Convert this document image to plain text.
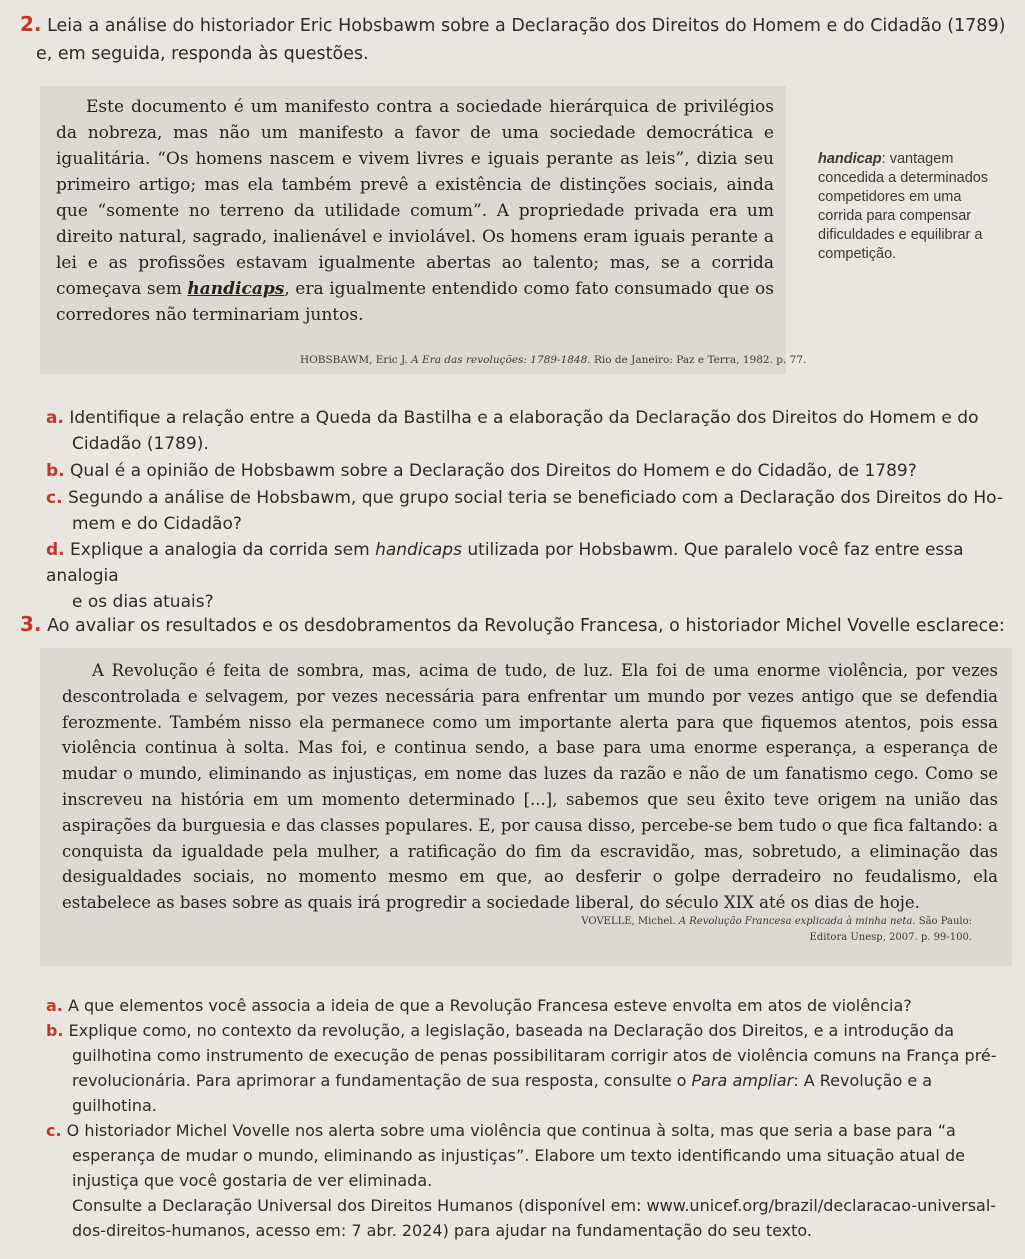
2. Leia a análise do historiador Eric Hobsbawm sobre a Declaração dos Direitos do Homem e do Cidadão (1789) e, em seguida, responda às questões.
Este documento é um manifesto contra a sociedade hierárquica de privilégios da nobreza, mas não um manifesto a favor de uma sociedade democrática e igualitária. “Os homens nascem e vivem livres e iguais perante as leis”, dizia seu primeiro artigo; mas ela também prevê a existência de distinções sociais, ainda que “somente no terreno da utilidade comum”. A propriedade privada era um direito natural, sagrado, inalienável e inviolável. Os homens eram iguais perante a lei e as profissões estavam igualmente abertas ao talento; mas, se a corrida começava sem handicaps, era igualmente entendido como fato consumado que os corredores não terminariam juntos.
HOBSBAWM, Eric J. A Era das revoluções: 1789-1848. Rio de Janeiro: Paz e Terra, 1982. p. 77.
handicap: vantagem concedida a determinados competidores em uma corrida para compensar dificuldades e equilibrar a competição.
a. Identifique a relação entre a Queda da Bastilha e a elaboração da Declaração dos Direitos do Homem e do
Cidadão (1789).
b. Qual é a opinião de Hobsbawm sobre a Declaração dos Direitos do Homem e do Cidadão, de 1789?
c. Segundo a análise de Hobsbawm, que grupo social teria se beneficiado com a Declaração dos Direitos do Ho-
mem e do Cidadão?
d. Explique a analogia da corrida sem handicaps utilizada por Hobsbawm. Que paralelo você faz entre essa analogia
e os dias atuais?
3. Ao avaliar os resultados e os desdobramentos da Revolução Francesa, o historiador Michel Vovelle esclarece:
A Revolução é feita de sombra, mas, acima de tudo, de luz. Ela foi de uma enorme violência, por vezes descontrolada e selvagem, por vezes necessária para enfrentar um mundo por vezes antigo que se defendia ferozmente. Também nisso ela permanece como um importante alerta para que fiquemos atentos, pois essa violência continua à solta. Mas foi, e continua sendo, a base para uma enorme esperança, a esperança de mudar o mundo, eliminando as injustiças, em nome das luzes da razão e não de um fanatismo cego. Como se inscreveu na história em um momento determinado [...], sabemos que seu êxito teve origem na união das aspirações da burguesia e das classes populares. E, por causa disso, percebe-se bem tudo o que fica faltando: a conquista da igualdade pela mulher, a ratificação do fim da escravidão, mas, sobretudo, a eliminação das desigualdades sociais, no momento mesmo em que, ao desferir o golpe derradeiro no feudalismo, ela estabelece as bases sobre as quais irá progredir a sociedade liberal, do século XIX até os dias de hoje.
VOVELLE, Michel. A Revolução Francesa explicada à minha neta. São Paulo:
Editora Unesp, 2007. p. 99-100.
a. A que elementos você associa a ideia de que a Revolução Francesa esteve envolta em atos de violência?
b. Explique como, no contexto da revolução, a legislação, baseada na Declaração dos Direitos, e a introdução da guilhotina como instrumento de execução de penas possibilitaram corrigir atos de violência comuns na França pré-revolucionária. Para aprimorar a fundamentação de sua resposta, consulte o Para ampliar: A Revolução e a guilhotina.
c. O historiador Michel Vovelle nos alerta sobre uma violência que continua à solta, mas que seria a base para “a esperança de mudar o mundo, eliminando as injustiças”. Elabore um texto identificando uma situação atual de injustiça que você gostaria de ver eliminada.
Consulte a Declaração Universal dos Direitos Humanos (disponível em: www.unicef.org/brazil/declaracao-universal-dos-direitos-humanos, acesso em: 7 abr. 2024) para ajudar na fundamentação do seu texto.
